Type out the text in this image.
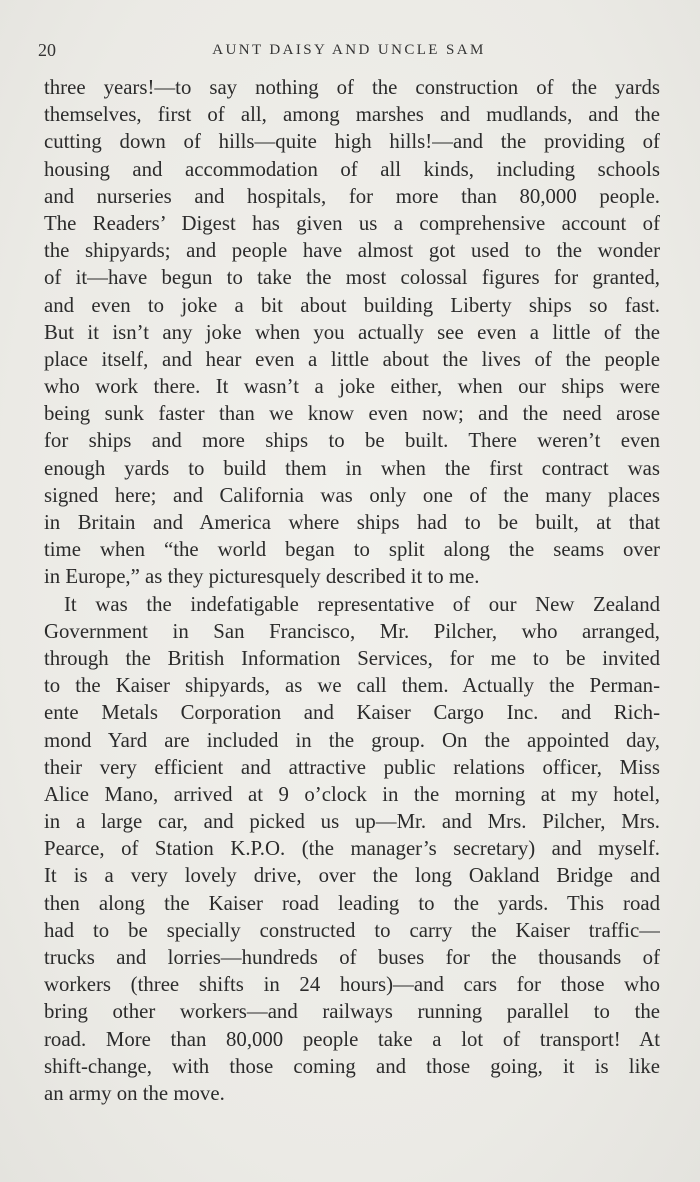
20	AUNT DAISY AND UNCLE SAM
three years!—to say nothing of the construction of the yards
themselves, first of all, among marshes and mudlands, and the
cutting down of hills—quite high hills!—and the providing of
housing and accommodation of all kinds, including schools
and nurseries and hospitals, for more than 80,000 people.
The Readers’ Digest has given us a comprehensive account of
the shipyards; and people have almost got used to the wonder
of it—have begun to take the most colossal figures for granted,
and even to joke a bit about building Liberty ships so fast.
But it isn’t any joke when you actually see even a little of the
place itself, and hear even a little about the lives of the people
who work there. It wasn’t a joke either, when our ships were
being sunk faster than we know even now; and the need arose
for ships and more ships to be built. There weren’t even
enough yards to build them in when the first contract was
signed here; and California was only one of the many places
in Britain and America where ships had to be built, at that
time when “the world began to split along the seams over
in Europe,” as they picturesquely described it to me.
It was the indefatigable representative of our New Zealand
Government in San Francisco, Mr. Pilcher, who arranged,
through the British Information Services, for me to be invited
to the Kaiser shipyards, as we call them. Actually the Perman-
ente Metals Corporation and Kaiser Cargo Inc. and Rich-
mond Yard are included in the group. On the appointed day,
their very efficient and attractive public relations officer, Miss
Alice Mano, arrived at 9 o’clock in the morning at my hotel,
in a large car, and picked us up—Mr. and Mrs. Pilcher, Mrs.
Pearce, of Station K.P.O. (the manager’s secretary) and myself.
It is a very lovely drive, over the long Oakland Bridge and
then along the Kaiser road leading to the yards. This road
had to be specially constructed to carry the Kaiser traffic—
trucks and lorries—hundreds of buses for the thousands of
workers (three shifts in 24 hours)—and cars for those who
bring other workers—and railways running parallel to the
road. More than 80,000 people take a lot of transport! At
shift-change, with those coming and those going, it is like
an army on the move.
